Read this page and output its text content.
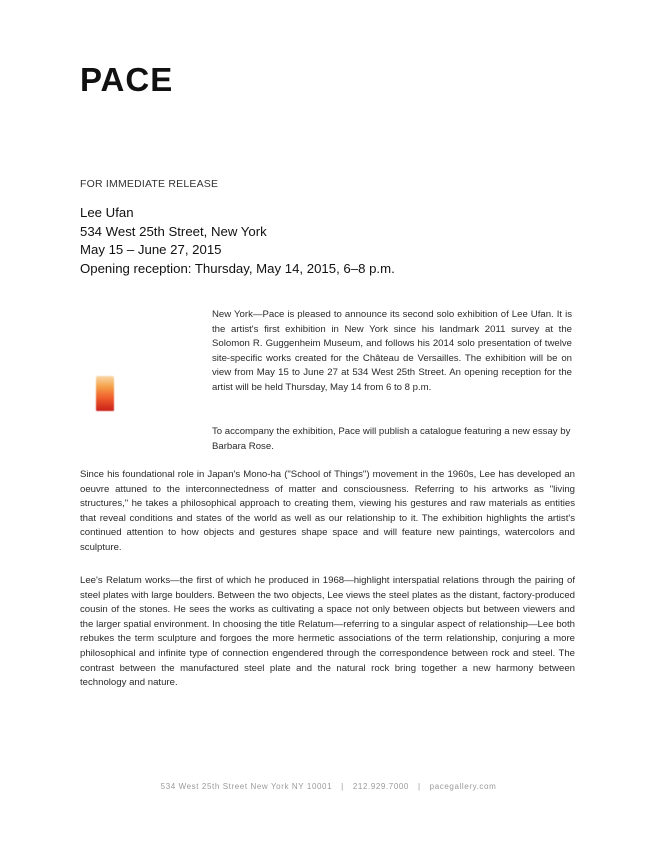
PACE
FOR IMMEDIATE RELEASE
Lee Ufan
534 West 25th Street, New York
May 15 – June 27, 2015
Opening reception: Thursday, May 14, 2015, 6–8 p.m.

New York—Pace is pleased to announce its second solo exhibition of Lee Ufan. It is the artist's first exhibition in New York since his landmark 2011 survey at the Solomon R. Guggenheim Museum, and follows his 2014 solo presentation of twelve site-specific works created for the Château de Versailles. The exhibition will be on view from May 15 to June 27 at 534 West 25th Street. An opening reception for the artist will be held Thursday, May 14 from 6 to 8 p.m.

To accompany the exhibition, Pace will publish a catalogue featuring a new essay by Barbara Rose.

Since his foundational role in Japan's Mono-ha ("School of Things") movement in the 1960s, Lee has developed an oeuvre attuned to the interconnectedness of matter and consciousness. Referring to his artworks as "living structures," he takes a philosophical approach to creating them, viewing his gestures and raw materials as entities that reveal conditions and states of the world as well as our relationship to it. The exhibition highlights the artist's continued attention to how objects and gestures shape space and will feature new paintings, watercolors and sculpture.

Lee's Relatum works—the first of which he produced in 1968—highlight interspatial relations through the pairing of steel plates with large boulders. Between the two objects, Lee views the steel plates as the distant, factory-produced cousin of the stones. He sees the works as cultivating a space not only between objects but between viewers and the larger spatial environment. In choosing the title Relatum—referring to a singular aspect of relationship—Lee both rebukes the term sculpture and forgoes the more hermetic associations of the term relationship, conjuring a more philosophical and infinite type of connection engendered through the correspondence between rock and steel. The contrast between the manufactured steel plate and the natural rock bring together a new harmony between technology and nature.

534 West 25th Street New York NY 10001 | 212.929.7000 | pacegallery.com
